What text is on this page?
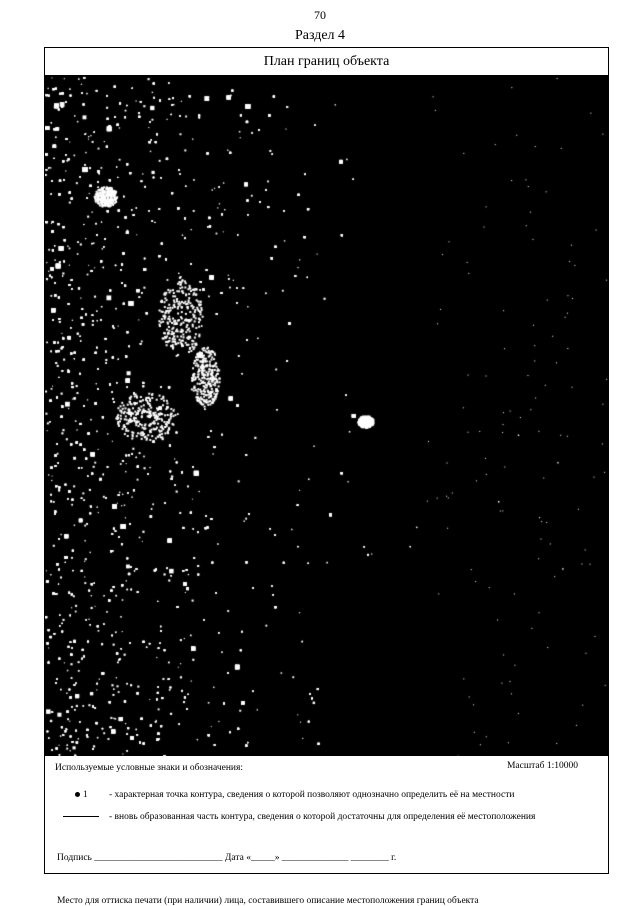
70
Раздел 4
План границ объекта
Используемые условные знаки и обозначения:	Масштаб 1:10000
1	- характерная точка контура, сведения о которой позволяют однозначно определить её на местности
- вновь образованная часть контура, сведения о которой достаточны для определения её местоположения
Подпись ___________________________ Дата «_____» ______________ ________ г.
Место для оттиска печати (при наличии) лица, составившего описание местоположения границ объекта
